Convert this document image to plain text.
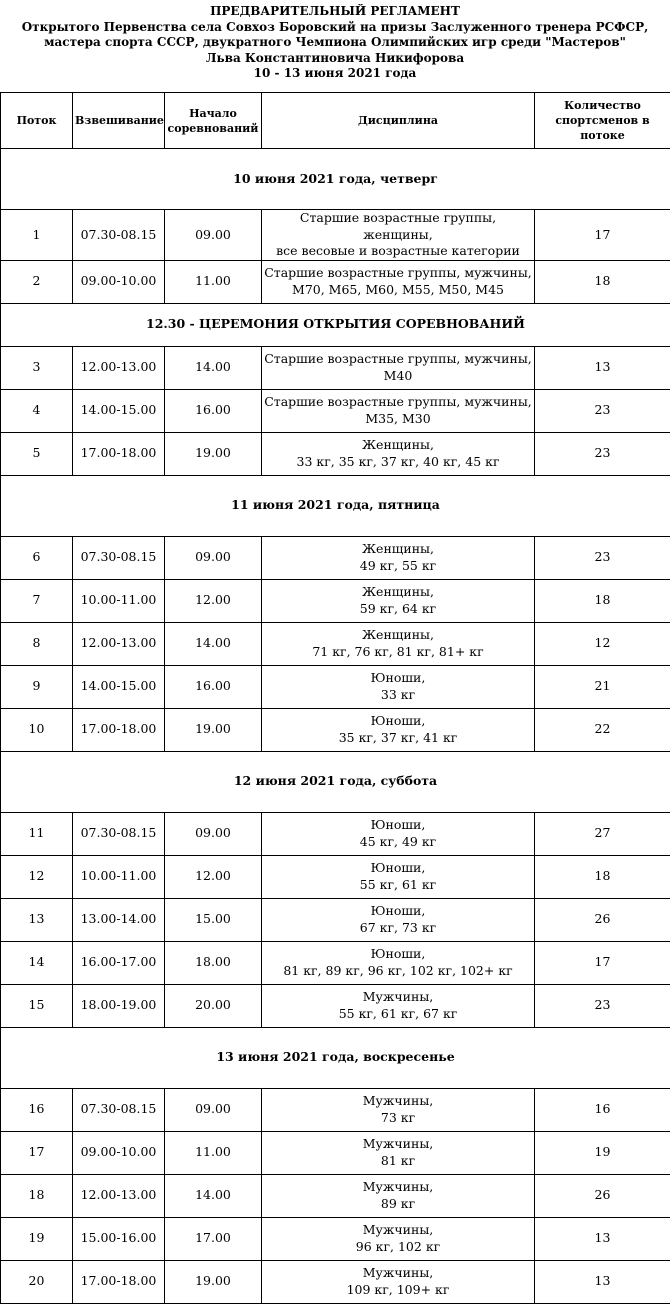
ПРЕДВАРИТЕЛЬНЫЙ РЕГЛАМЕНТ
Открытого Первенства села Совхоз Боровский на призы Заслуженного тренера РСФСР,
мастера спорта СССР, двукратного Чемпиона Олимпийских игр среди "Мастеров"
Льва Константиновича Никифорова
10 - 13 июня 2021 года
Поток	Взвешивание	Начало соревнований	Дисциплина	Количество спортсменов в потоке
10 июня 2021 года, четверг				
1	07.30-08.15	09.00	Старшие возрастные группы, женщины,
все весовые и возрастные категории	17
2	09.00-10.00	11.00	Старшие возрастные группы, мужчины,
М70, М65, М60, М55, М50, М45	18
12.30 - ЦЕРЕМОНИЯ ОТКРЫТИЯ СОРЕВНОВАНИЙ				
3	12.00-13.00	14.00	Старшие возрастные группы, мужчины,
М40	13
4	14.00-15.00	16.00	Старшие возрастные группы, мужчины,
М35, М30	23
5	17.00-18.00	19.00	Женщины,
33 кг, 35 кг, 37 кг, 40 кг, 45 кг	23
11 июня 2021 года, пятница				
6	07.30-08.15	09.00	Женщины,
49 кг, 55 кг	23
7	10.00-11.00	12.00	Женщины,
59 кг, 64 кг	18
8	12.00-13.00	14.00	Женщины,
71 кг, 76 кг, 81 кг, 81+ кг	12
9	14.00-15.00	16.00	Юноши,
33 кг	21
10	17.00-18.00	19.00	Юноши,
35 кг, 37 кг, 41 кг	22
12 июня 2021 года, суббота				
11	07.30-08.15	09.00	Юноши,
45 кг, 49 кг	27
12	10.00-11.00	12.00	Юноши,
55 кг, 61 кг	18
13	13.00-14.00	15.00	Юноши,
67 кг, 73 кг	26
14	16.00-17.00	18.00	Юноши,
81 кг, 89 кг, 96 кг, 102 кг, 102+ кг	17
15	18.00-19.00	20.00	Мужчины,
55 кг, 61 кг, 67 кг	23
13 июня 2021 года, воскресенье				
16	07.30-08.15	09.00	Мужчины,
73 кг	16
17	09.00-10.00	11.00	Мужчины,
81 кг	19
18	12.00-13.00	14.00	Мужчины,
89 кг	26
19	15.00-16.00	17.00	Мужчины,
96 кг, 102 кг	13
20	17.00-18.00	19.00	Мужчины,
109 кг, 109+ кг	13
